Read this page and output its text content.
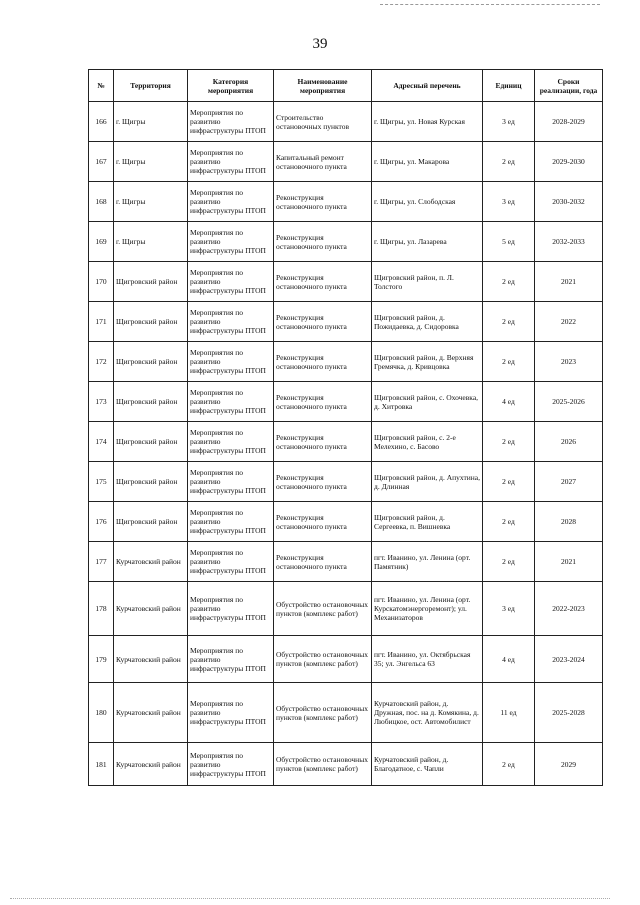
39
№	Территория	Категория мероприятия	Наименование мероприятия	Адресный перечень	Единиц	Сроки реализации, года
166	г. Щигры	Мероприятия по развитию инфраструктуры ПТОП	Строительство остановочных пунктов	г. Щигры, ул. Новая Курская	3 ед	2028-2029
167	г. Щигры	Мероприятия по развитию инфраструктуры ПТОП	Капитальный ремонт остановочного пункта	г. Щигры, ул. Макарова	2 ед	2029-2030
168	г. Щигры	Мероприятия по развитию инфраструктуры ПТОП	Реконструкция остановочного пункта	г. Щигры, ул. Слободская	3 ед	2030-2032
169	г. Щигры	Мероприятия по развитию инфраструктуры ПТОП	Реконструкция остановочного пункта	г. Щигры, ул. Лазарева	5 ед	2032-2033
170	Щигровский район	Мероприятия по развитию инфраструктуры ПТОП	Реконструкция остановочного пункта	Щигровский район, п. Л. Толстого	2 ед	2021
171	Щигровский район	Мероприятия по развитию инфраструктуры ПТОП	Реконструкция остановочного пункта	Щигровский район, д. Пожидаевка, д. Сидоровка	2 ед	2022
172	Щигровский район	Мероприятия по развитию инфраструктуры ПТОП	Реконструкция остановочного пункта	Щигровский район, д. Верхняя Гремячка, д. Кривцовка	2 ед	2023
173	Щигровский район	Мероприятия по развитию инфраструктуры ПТОП	Реконструкция остановочного пункта	Щигровский район, с. Охочевка, д. Хитровка	4 ед	2025-2026
174	Щигровский район	Мероприятия по развитию инфраструктуры ПТОП	Реконструкция остановочного пункта	Щигровский район, с. 2-е Мелехино, с. Басово	2 ед	2026
175	Щигровский район	Мероприятия по развитию инфраструктуры ПТОП	Реконструкция остановочного пункта	Щигровский район, д. Апухтина, д. Длинная	2 ед	2027
176	Щигровский район	Мероприятия по развитию инфраструктуры ПТОП	Реконструкция остановочного пункта	Щигровский район, д. Сергеевка, п. Вишневка	2 ед	2028
177	Курчатовский район	Мероприятия по развитию инфраструктуры ПТОП	Реконструкция остановочного пункта	пгт. Иванино, ул. Ленина (орт. Памятник)	2 ед	2021
178	Курчатовский район	Мероприятия по развитию инфраструктуры ПТОП	Обустройство остановочных пунктов (комплекс работ)	пгт. Иванино, ул. Ленина (орт. Курскатомэнергоремонт); ул. Механизаторов	3 ед	2022-2023
179	Курчатовский район	Мероприятия по развитию инфраструктуры ПТОП	Обустройство остановочных пунктов (комплекс работ)	пгт. Иванино, ул. Октябрьская 35; ул. Энгельса 63	4 ед	2023-2024
180	Курчатовский район	Мероприятия по развитию инфраструктуры ПТОП	Обустройство остановочных пунктов (комплекс работ)	Курчатовский район, д. Дружная, пос. на д. Комякина, д. Любицкое, ост. Автомобилист	11 ед	2025-2028
181	Курчатовский район	Мероприятия по развитию инфраструктуры ПТОП	Обустройство остановочных пунктов (комплекс работ)	Курчатовский район, д. Благодатное, с. Чапли	2 ед	2029
